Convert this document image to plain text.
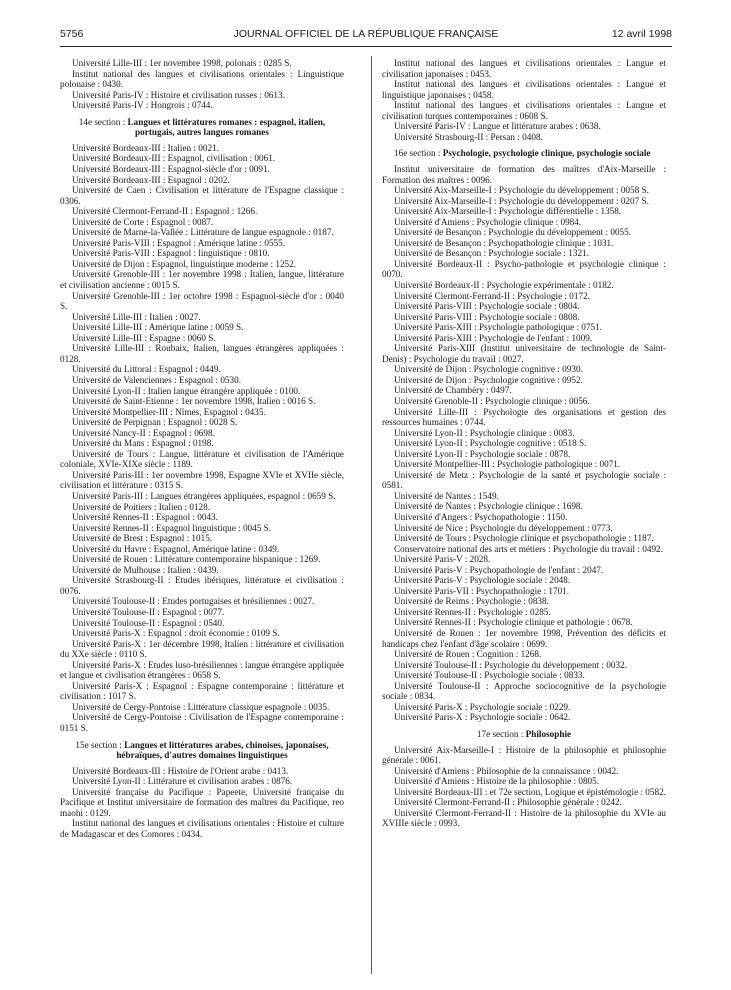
5756	JOURNAL OFFICIEL DE LA RÉPUBLIQUE FRANÇAISE	12 avril 1998

Université Lille-III : 1er novembre 1998, polonais : 0285 S.

Institut national des langues et civilisations orientales : Linguistique polonaise : 0430.

Université Paris-IV : Histoire et civilisation russes : 0613.

Université Paris-IV : Hongrois : 0744.

14e section : Langues et littératures romanes : espagnol, italien, portugais, autres langues romanes

Université Bordeaux-III : Italien : 0021.

Université Bordeaux-III : Espagnol, civilisation : 0061.

Université Bordeaux-III : Espagnol-siècle d'or : 0091.

Université Bordeaux-III : Espagnol : 0202.

Université de Caen : Civilisation et littérature de l'Espagne classique : 0306.

Université Clermont-Ferrand-II : Espagnol : 1266.

Université de Corte : Espagnol : 0087.

Université de Marne-la-Vallée : Littérature de langue espagnole : 0187.

Université Paris-VIII : Espagnol : Amérique latine : 0555.

Université Paris-VIII : Espagnol : linguistique : 0810.

Université de Dijon : Espagnol, linguistique moderne : 1252.

Université Grenoble-III : 1er novembre 1998 : Italien, langue, littérature et civilisation ancienne : 0015 S.

Université Grenoble-III : 1er octobre 1998 : Espagnol-siècle d'or : 0040 S.

Université Lille-III : Italien : 0027.

Université Lille-III : Amérique latine : 0059 S.

Université Lille-III : Espagne : 0060 S.

Université Lille-III : Roubaix, Italien, langues étrangères appliquées : 0128.

Université du Littoral : Espagnol : 0449.

Université de Valenciennes : Espagnol : 0530.

Université Lyon-II : Italien langue étrangère appliquée : 0100.

Université de Saint-Etienne : 1er novembre 1998, Italien : 0016 S.

Université Montpellier-III : Nîmes, Espagnol : 0435.

Université de Perpignan : Espagnol : 0028 S.

Université Nancy-II : Espagnol : 0698.

Université du Mans : Espagnol : 0198.

Université de Tours : Langue, littérature et civilisation de l'Amérique coloniale, XVIe-XIXe siècle : 1189.

Université Paris-III : 1er novembre 1998, Espagne XVIe et XVIIe siècle, civilisation et littérature : 0315 S.

Université Paris-III : Langues étrangères appliquées, espagnol : 0659 S.

Université de Poitiers : Italien : 0128.

Université Rennes-II : Espagnol : 0043.

Université Rennes-II : Espagnol linguistique : 0045 S.

Université de Brest : Espagnol : 1015.

Université du Havre : Espagnol, Amérique latine : 0349.

Université de Rouen : Littérature contemporaine hispanique : 1269.

Université de Mulhouse : Italien : 0439.

Université Strasbourg-II : Etudes ibériques, littérature et civilisation : 0076.

Université Toulouse-II : Etudes portugaises et brésiliennes : 0027.

Université Toulouse-II : Espagnol : 0077.

Université Toulouse-II : Espagnol : 0540.

Université Paris-X : Espagnol : droit économie : 0109 S.

Université Paris-X : 1er décembre 1998, Italien : littérature et civilisation du XXe siècle : 0110 S.

Université Paris-X : Etudes luso-brésiliennes : langue étrangère appliquée et langue et civilisation étrangères : 0658 S.

Université Paris-X : Espagnol : Espagne contemporaine : littérature et civilisation : 1017 S.

Université de Cergy-Pontoise : Littérature classique espagnole : 0035.

Université de Cergy-Pontoise : Civilisation de l'Espagne contemporaine : 0151 S.

15e section : Langues et littératures arabes, chinoises, japonaises, hébraïques, d'autres domaines linguistiques

Université Bordeaux-III : Histoire de l'Orient arabe : 0413.

Université Lyon-II : Littérature et civilisation arabes : 0876.

Université française du Pacifique : Papeete, Université française du Pacifique et Institut universitaire de formation des maîtres du Pacifique, reo maohi : 0129.

Institut national des langues et civilisations orientales : Histoire et culture de Madagascar et des Comores : 0434.

Institut national des langues et civilisations orientales : Langue et civilisation japonaises : 0453.

Institut national des langues et civilisations orientales : Langue et linguistique japonaises : 0458.

Institut national des langues et civilisations orientales : Langue et civilisation turques contemporaines : 0608 S.

Université Paris-IV : Langue et littérature arabes : 0638.

Université Strasbourg-II : Persan : 0408.

16e section : Psychologie, psychologie clinique, psychologie sociale

Institut universitaire de formation des maîtres d'Aix-Marseille : Formation des maîtres : 0096.

Université Aix-Marseille-I : Psychologie du développement : 0058 S.

Université Aix-Marseille-I : Psychologie du développement : 0207 S.

Université Aix-Marseille-I : Psychologie différentielle : 1358.

Université d'Amiens : Psychologie clinique : 0984.

Université de Besançon : Psychologie du développement : 0055.

Université de Besançon : Psychopathologie clinique : 1031.

Université de Besançon : Psychologie sociale : 1321.

Université Bordeaux-II : Psycho-pathologie et psychologie clinique : 0070.

Université Bordeaux-II : Psychologie expérimentale : 0182.

Université Clermont-Ferrand-II : Psychologie : 0172.

Université Paris-VIII : Psychologie sociale : 0804.

Université Paris-VIII : Psychologie sociale : 0808.

Université Paris-XIII : Psychologie pathologique : 0751.

Université Paris-XIII : Psychologie de l'enfant : 1009.

Université Paris-XIII (Institut universitaire de technologie de Saint-Denis) : Psychologie du travail : 0027.

Université de Dijon : Psychologie cognitive : 0930.

Université de Dijon : Psychologie cognitive : 0952.

Université de Chambéry : 0497.

Université Grenoble-II : Psychologie clinique : 0056.

Université Lille-III : Psychologie des organisations et gestion des ressources humaines : 0744.

Université Lyon-II : Psychologie clinique : 0083.

Université Lyon-II : Psychologie cognitive : 0518 S.

Université Lyon-II : Psychologie sociale : 0878.

Université Montpellier-III : Psychologie pathologique : 0071.

Université de Metz : Psychologie de la santé et psychologie sociale : 0581.

Université de Nantes : 1549.

Université de Nantes : Psychologie clinique : 1698.

Université d'Angers : Psychopathologie : 1150.

Université de Nice : Psychologie du développement : 0773.

Université de Tours : Psychologie clinique et psychopathologie : 1187.

Conservatoire national des arts et métiers : Psychologie du travail : 0492.

Université Paris-V : 2028.

Université Paris-V : Psychopathologie de l'enfant : 2047.

Université Paris-V : Psychologie sociale : 2048.

Université Paris-VII : Psychopathologie : 1701.

Université de Reims : Psychologie : 0838.

Université Rennes-II : Psychologie : 0285.

Université Rennes-II : Psychologie clinique et pathologie : 0678.

Université de Rouen : 1er novembre 1998, Prévention des déficits et handicaps chez l'enfant d'âge scolaire : 0699.

Université de Rouen : Cognition : 1268.

Université Toulouse-II : Psychologie du développement : 0032.

Université Toulouse-II : Psychologie sociale : 0833.

Université Toulouse-II : Approche sociocognitive de la psychologie sociale : 0834.

Université Paris-X : Psychologie sociale : 0229.

Université Paris-X : Psychologie sociale : 0642.

17e section : Philosophie

Université Aix-Marseille-I : Histoire de la philosophie et philosophie générale : 0061.

Université d'Amiens : Philosophie de la connaissance : 0042.

Université d'Amiens : Histoire de la philosophie : 0805.

Université Bordeaux-III : et 72e section, Logique et épistémologie : 0582.

Université Clermont-Ferrand-II : Philosophie générale : 0242.

Université Clermont-Ferrand-II : Histoire de la philosophie du XVIe au XVIIIe siècle : 0993.
